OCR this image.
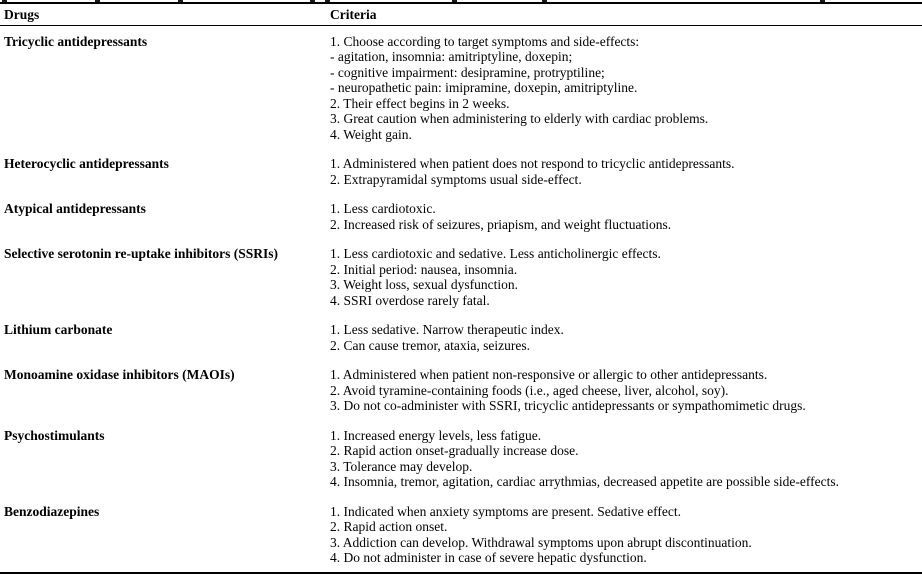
Drugs	Criteria
Tricyclic antidepressants	1. Choose according to target symptoms and side-effects:
- agitation, insomnia: amitriptyline, doxepin;
- cognitive impairment: desipramine, protryptiline;
- neuropathetic pain: imipramine, doxepin, amitriptyline.
2. Their effect begins in 2 weeks.
3. Great caution when administering to elderly with cardiac problems.
4. Weight gain.

Heterocyclic antidepressants	1. Administered when patient does not respond to tricyclic antidepressants.
2. Extrapyramidal symptoms usual side-effect.

Atypical antidepressants	1. Less cardiotoxic.
2. Increased risk of seizures, priapism, and weight fluctuations.

Selective serotonin re-uptake inhibitors (SSRIs)	1. Less cardiotoxic and sedative. Less anticholinergic effects.
2. Initial period: nausea, insomnia.
3. Weight loss, sexual dysfunction.
4. SSRI overdose rarely fatal.

Lithium carbonate	1. Less sedative. Narrow therapeutic index.
2. Can cause tremor, ataxia, seizures.

Monoamine oxidase inhibitors (MAOIs)	1. Administered when patient non-responsive or allergic to other antidepressants.
2. Avoid tyramine-containing foods (i.e., aged cheese, liver, alcohol, soy).
3. Do not co-administer with SSRI, tricyclic antidepressants or sympathomimetic drugs.

Psychostimulants	1. Increased energy levels, less fatigue.
2. Rapid action onset-gradually increase dose.
3. Tolerance may develop.
4. Insomnia, tremor, agitation, cardiac arrythmias, decreased appetite are possible side-effects.

Benzodiazepines	1. Indicated when anxiety symptoms are present. Sedative effect.
2. Rapid action onset.
3. Addiction can develop. Withdrawal symptoms upon abrupt discontinuation.
4. Do not administer in case of severe hepatic dysfunction.
